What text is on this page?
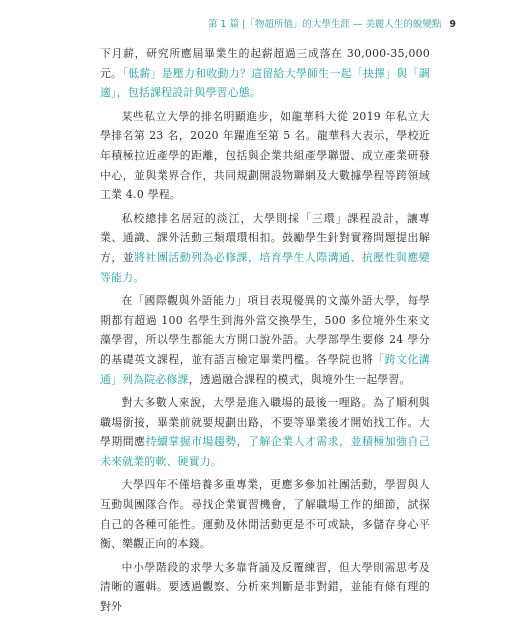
第 1 篇 |「物超所值」的大學生涯 — 美麗人生的蛻變點 9

下月薪，研究所應屆畢業生的起薪超過三成落在 30,000-35,000 元。「低薪」是壓力和收動力？這留給大學師生一起「抉擇」與「調適」，包括課程設計與學習心態。

某些私立大學的排名明顯進步，如龍華科大從 2019 年私立大學排名第 23 名，2020 年躍進至第 5 名。龍華科大表示，學校近年積極拉近產學的距離，包括與企業共組產學聯盟、成立產業研發中心，並與業界合作，共同規劃開設物聯網及大數據學程等跨領域工業 4.0 學程。

私校總排名居冠的淡江，大學則採「三環」課程設計，讓專業、通識、課外活動三類環環相扣。鼓勵學生針對實務問題提出解方，並將社團活動列為必修課，培育學生人際溝通、抗壓性與應變等能力。

在「國際觀與外語能力」項目表現優異的文藻外語大學，每學期都有超過 100 名學生到海外當交換學生，500 多位境外生來文藻學習，所以學生都能大方開口說外語。大學部學生要修 24 學分的基礎英文課程，並有語言檢定畢業門檻。各學院也將「跨文化溝通」列為院必修課，透過融合課程的模式，與境外生一起學習。

對大多數人來說，大學是進入職場的最後一哩路。為了順利與職場銜接，畢業前就要規劃出路，不要等畢業後才開始找工作。大學期間應持續掌握市場趨勢，了解企業人才需求，並積極加強自己未來就業的軟、硬實力。

大學四年不僅培養多重專業，更應多參加社團活動，學習與人互動與團隊合作。尋找企業實習機會，了解職場工作的細節，試探自己的各種可能性。運動及休閒活動更是不可或缺，多儲存身心平衡、樂觀正向的本錢。

中小學階段的求學大多靠背誦及反覆練習，但大學則需思考及清晰的邏輯。要透過觀察、分析來判斷是非對錯，並能有條有理的對外
